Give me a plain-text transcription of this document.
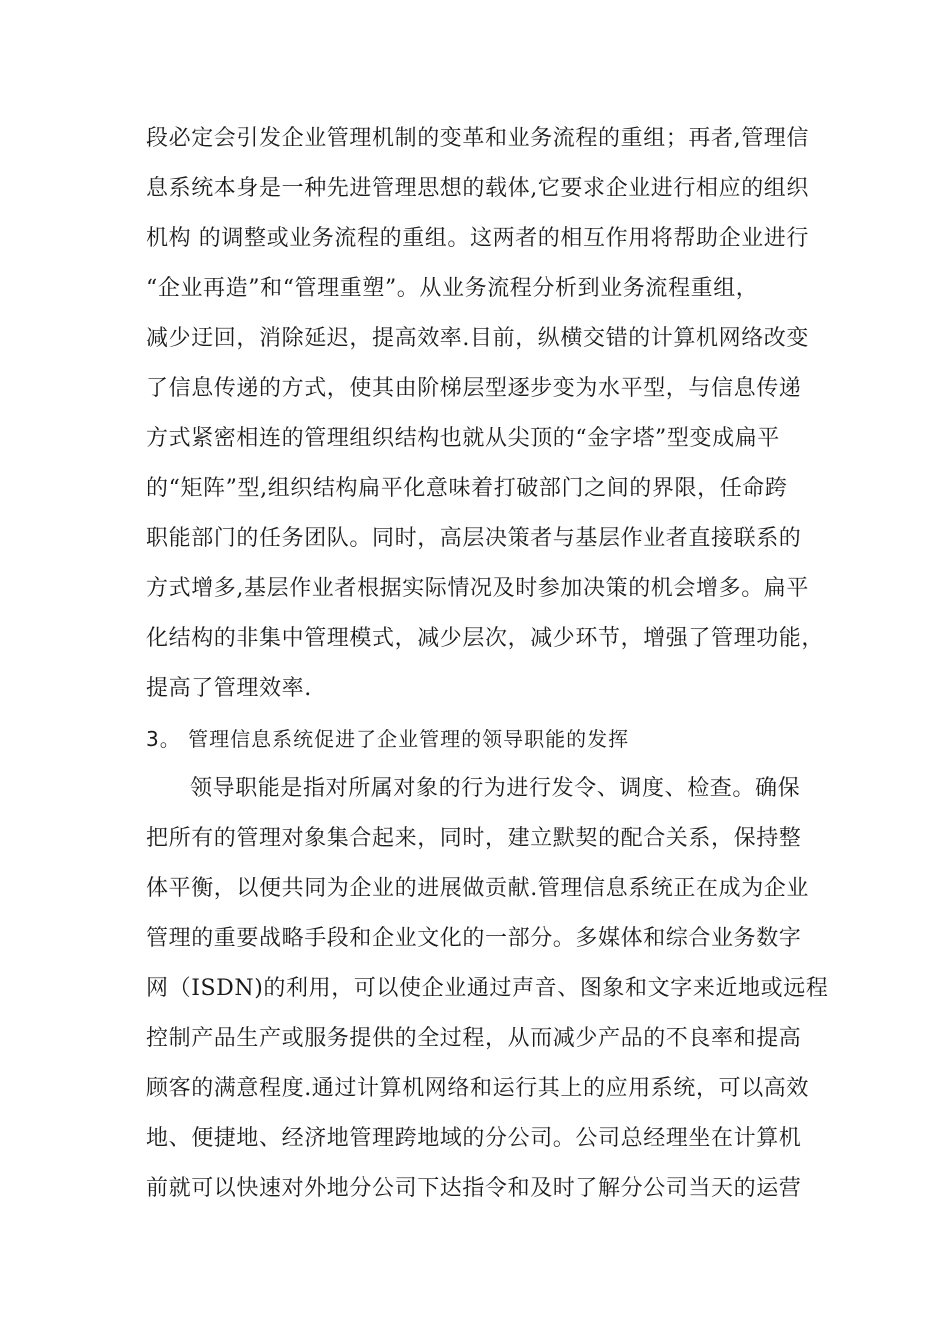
段必定会引发企业管理机制的变革和业务流程的重组；再者,管理信
息系统本身是一种先进管理思想的载体,它要求企业进行相应的组织
机构 的调整或业务流程的重组。这两者的相互作用将帮助企业进行
“企业再造”和“管理重塑”。从业务流程分析到业务流程重组，
减少迂回，消除延迟，提高效率.目前，纵横交错的计算机网络改变
了信息传递的方式，使其由阶梯层型逐步变为水平型，与信息传递
方式紧密相连的管理组织结构也就从尖顶的“金字塔”型变成扁平
的“矩阵”型,组织结构扁平化意味着打破部门之间的界限，任命跨
职能部门的任务团队。同时，高层决策者与基层作业者直接联系的
方式增多,基层作业者根据实际情况及时参加决策的机会增多。扁平
化结构的非集中管理模式，减少层次，减少环节，增强了管理功能，
提高了管理效率.
3。 管理信息系统促进了企业管理的领导职能的发挥
领导职能是指对所属对象的行为进行发令、调度、检查。确保
把所有的管理对象集合起来，同时，建立默契的配合关系，保持整
体平衡，以便共同为企业的进展做贡献.管理信息系统正在成为企业
管理的重要战略手段和企业文化的一部分。多媒体和综合业务数字
网（ISDN)的利用，可以使企业通过声音、图象和文字来近地或远程
控制产品生产或服务提供的全过程，从而减少产品的不良率和提高
顾客的满意程度.通过计算机网络和运行其上的应用系统，可以高效
地、便捷地、经济地管理跨地域的分公司。公司总经理坐在计算机
前就可以快速对外地分公司下达指令和及时了解分公司当天的运营
